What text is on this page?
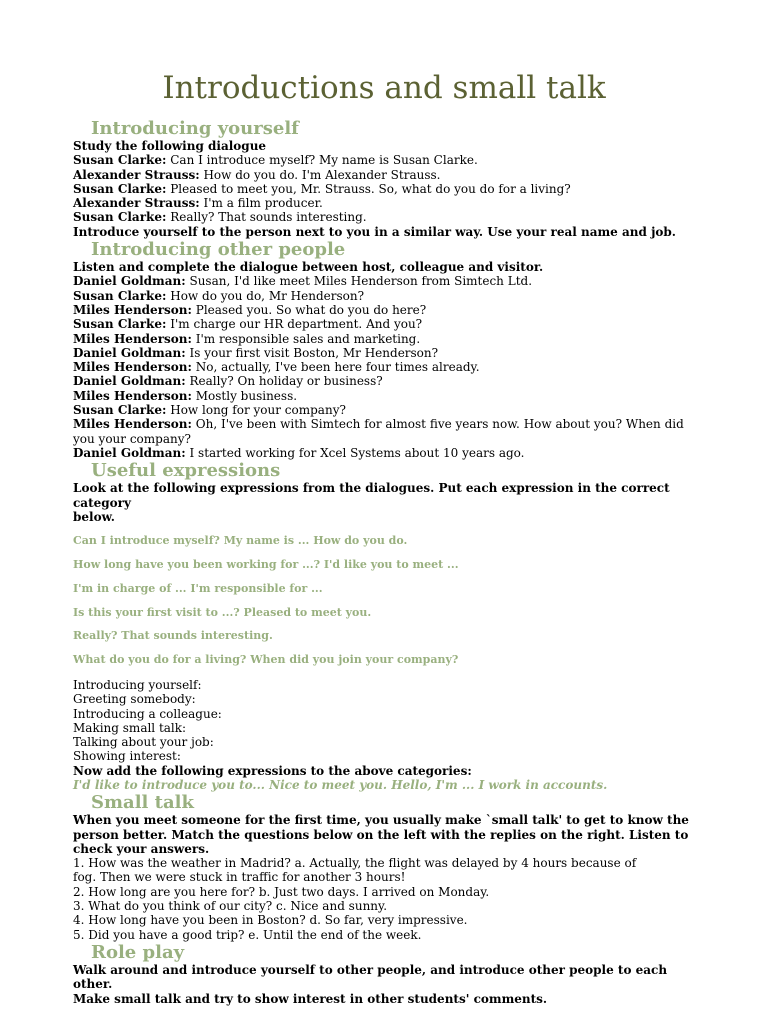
Introductions and small talk
Introducing yourself

Study the following dialogue

Susan Clarke: Can I introduce myself? My name is Susan Clarke.

Alexander Strauss: How do you do. I'm Alexander Strauss.

Susan Clarke: Pleased to meet you, Mr. Strauss. So, what do you do for a living?

Alexander Strauss: I'm a film producer.

Susan Clarke: Really? That sounds interesting.

Introduce yourself to the person next to you in a similar way. Use your real name and job.

Introducing other people

Listen and complete the dialogue between host, colleague and visitor.

Daniel Goldman: Susan, I'd like meet Miles Henderson from Simtech Ltd.

Susan Clarke: How do you do, Mr Henderson?

Miles Henderson: Pleased you. So what do you do here?

Susan Clarke: I'm charge our HR department. And you?

Miles Henderson: I'm responsible sales and marketing.

Daniel Goldman: Is your first visit Boston, Mr Henderson?

Miles Henderson: No, actually, I've been here four times already.

Daniel Goldman: Really? On holiday or business?

Miles Henderson: Mostly business.

Susan Clarke: How long for your company?

Miles Henderson: Oh, I've been with Simtech for almost five years now. How about you? When did you your company?

Daniel Goldman: I started working for Xcel Systems about 10 years ago.

Useful expressions

Look at the following expressions from the dialogues. Put each expression in the correct

category

below.

Can I introduce myself? My name is ... How do you do.

How long have you been working for ...? I'd like you to meet ...

I'm in charge of ... I'm responsible for ...

Is this your first visit to ...? Pleased to meet you.

Really? That sounds interesting.

What do you do for a living? When did you join your company?

Introducing yourself:

Greeting somebody:

Introducing a colleague:

Making small talk:

Talking about your job:

Showing interest:

Now add the following expressions to the above categories:

I'd like to introduce you to... Nice to meet you. Hello, I'm ... I work in accounts.

Small talk

When you meet someone for the first time, you usually make `small talk' to get to know the

person better. Match the questions below on the left with the replies on the right. Listen to

check your answers.

1. How was the weather in Madrid? a. Actually, the flight was delayed by 4 hours because of

fog. Then we were stuck in traffic for another 3 hours!

2. How long are you here for? b. Just two days. I arrived on Monday.

3. What do you think of our city? c. Nice and sunny.

4. How long have you been in Boston? d. So far, very impressive.

5. Did you have a good trip? e. Until the end of the week.

Role play

Walk around and introduce yourself to other people, and introduce other people to each other.

Make small talk and try to show interest in other students' comments.
